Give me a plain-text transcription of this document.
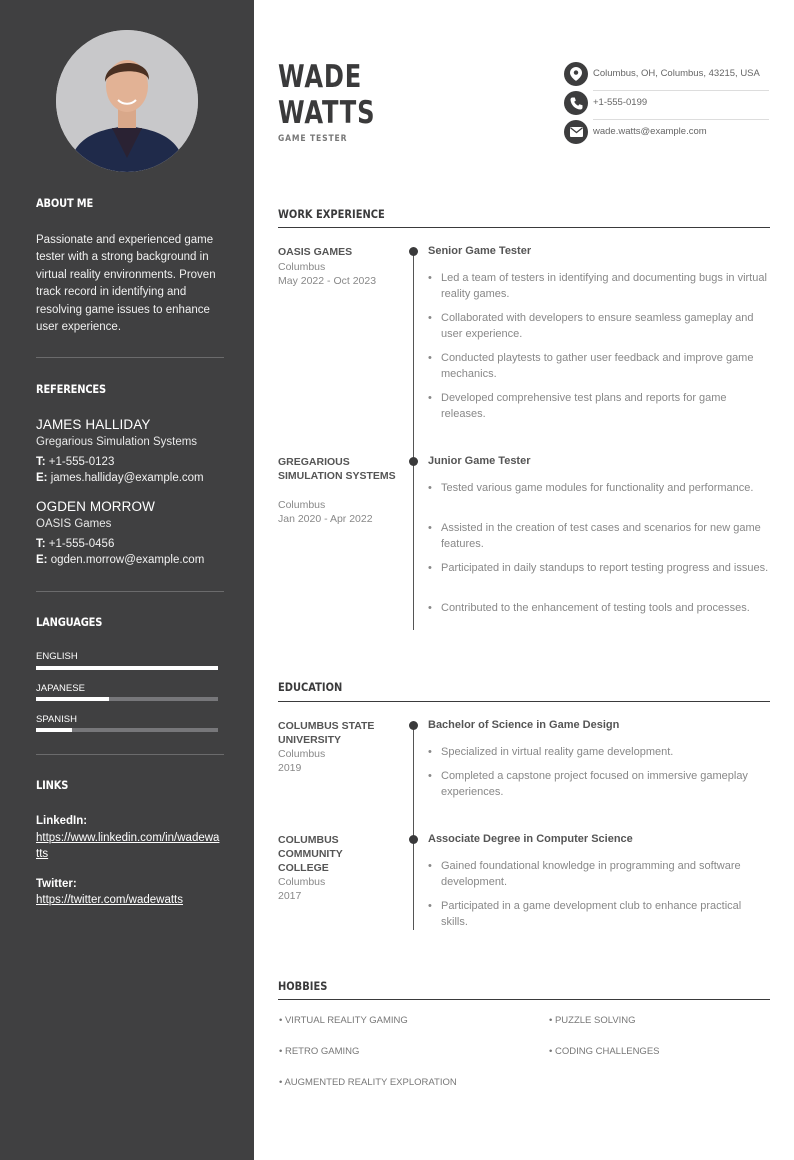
ABOUT ME
Passionate and experienced game tester with a strong background in virtual reality environments. Proven track record in identifying and resolving game issues to enhance user experience.
REFERENCES
JAMES HALLIDAY
Gregarious Simulation Systems
T: +1-555-0123
E: james.halliday@example.com
OGDEN MORROW
OASIS Games
T: +1-555-0456
E: ogden.morrow@example.com
LANGUAGES
ENGLISH
JAPANESE
SPANISH
LINKS
LinkedIn:
https://www.linkedin.com/in/wadewatts
Twitter:
https://twitter.com/wadewatts
WADE
WATTS
GAME TESTER
Columbus, OH, Columbus, 43215, USA
+1-555-0199
wade.watts@example.com
WORK EXPERIENCE
OASIS GAMES
Columbus
May 2022 - Oct 2023
Senior Game Tester
• Led a team of testers in identifying and documenting bugs in virtual reality games.
• Collaborated with developers to ensure seamless gameplay and user experience.
• Conducted playtests to gather user feedback and improve game mechanics.
• Developed comprehensive test plans and reports for game releases.
GREGARIOUS SIMULATION SYSTEMS
Columbus
Jan 2020 - Apr 2022
Junior Game Tester
• Tested various game modules for functionality and performance.
• Assisted in the creation of test cases and scenarios for new game features.
• Participated in daily standups to report testing progress and issues.
• Contributed to the enhancement of testing tools and processes.
EDUCATION
COLUMBUS STATE UNIVERSITY
Columbus
2019
Bachelor of Science in Game Design
• Specialized in virtual reality game development.
• Completed a capstone project focused on immersive gameplay experiences.
COLUMBUS COMMUNITY COLLEGE
Columbus
2017
Associate Degree in Computer Science
• Gained foundational knowledge in programming and software development.
• Participated in a game development club to enhance practical skills.
HOBBIES
• VIRTUAL REALITY GAMING	• PUZZLE SOLVING
• RETRO GAMING	• CODING CHALLENGES
• AUGMENTED REALITY EXPLORATION
